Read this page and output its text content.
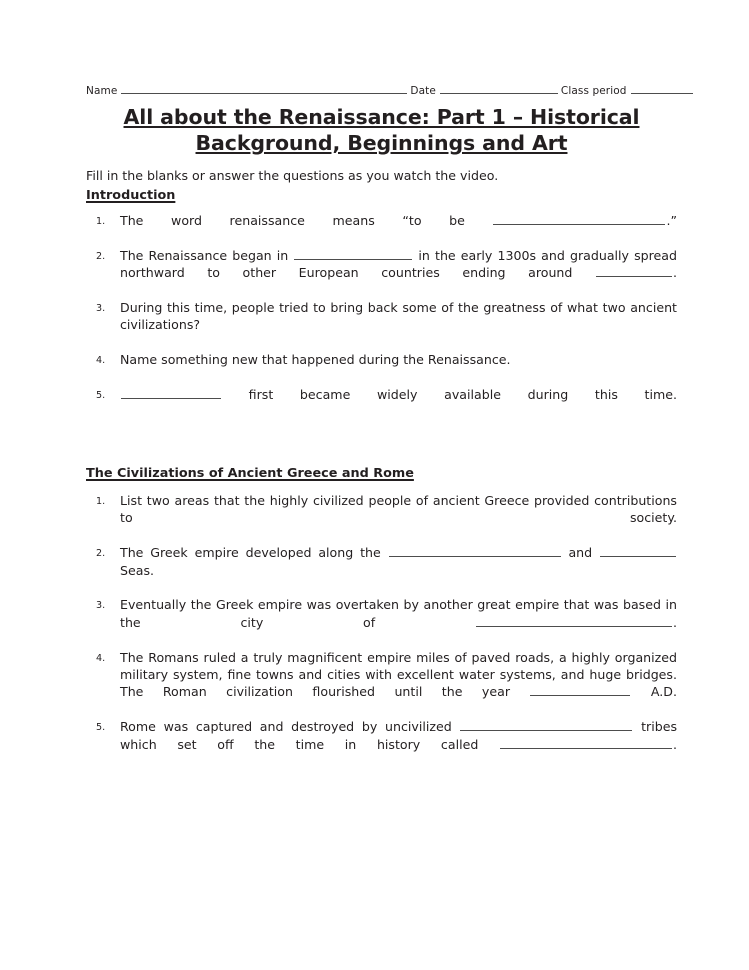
Name	Date	Class period
All about the Renaissance: Part 1 – Historical
Background, Beginnings and Art

Fill in the blanks or answer the questions as you watch the video.

Introduction
1.	The word renaissance means “to be	.”
2.	The Renaissance began in	in the early 1300s and gradually spread northward to other European countries ending around	.
3.	During this time, people tried to bring back some of the greatness of what two ancient civilizations?
4.	Name something new that happened during the Renaissance.
5.	first became widely available during this time.
The Civilizations of Ancient Greece and Rome
1.	List two areas that the highly civilized people of ancient Greece provided contributions to society.
2.	The Greek empire developed along the	and  Seas.
3.	Eventually the Greek empire was overtaken by another great empire that was based in the city of	.
4.	The Romans ruled a truly magnificent empire miles of paved roads, a highly organized military system, fine towns and cities with excellent water systems, and huge bridges. The Roman civilization flourished until the year	A.D.
5.	Rome was captured and destroyed by uncivilized	tribes which set off the time in history called	.
